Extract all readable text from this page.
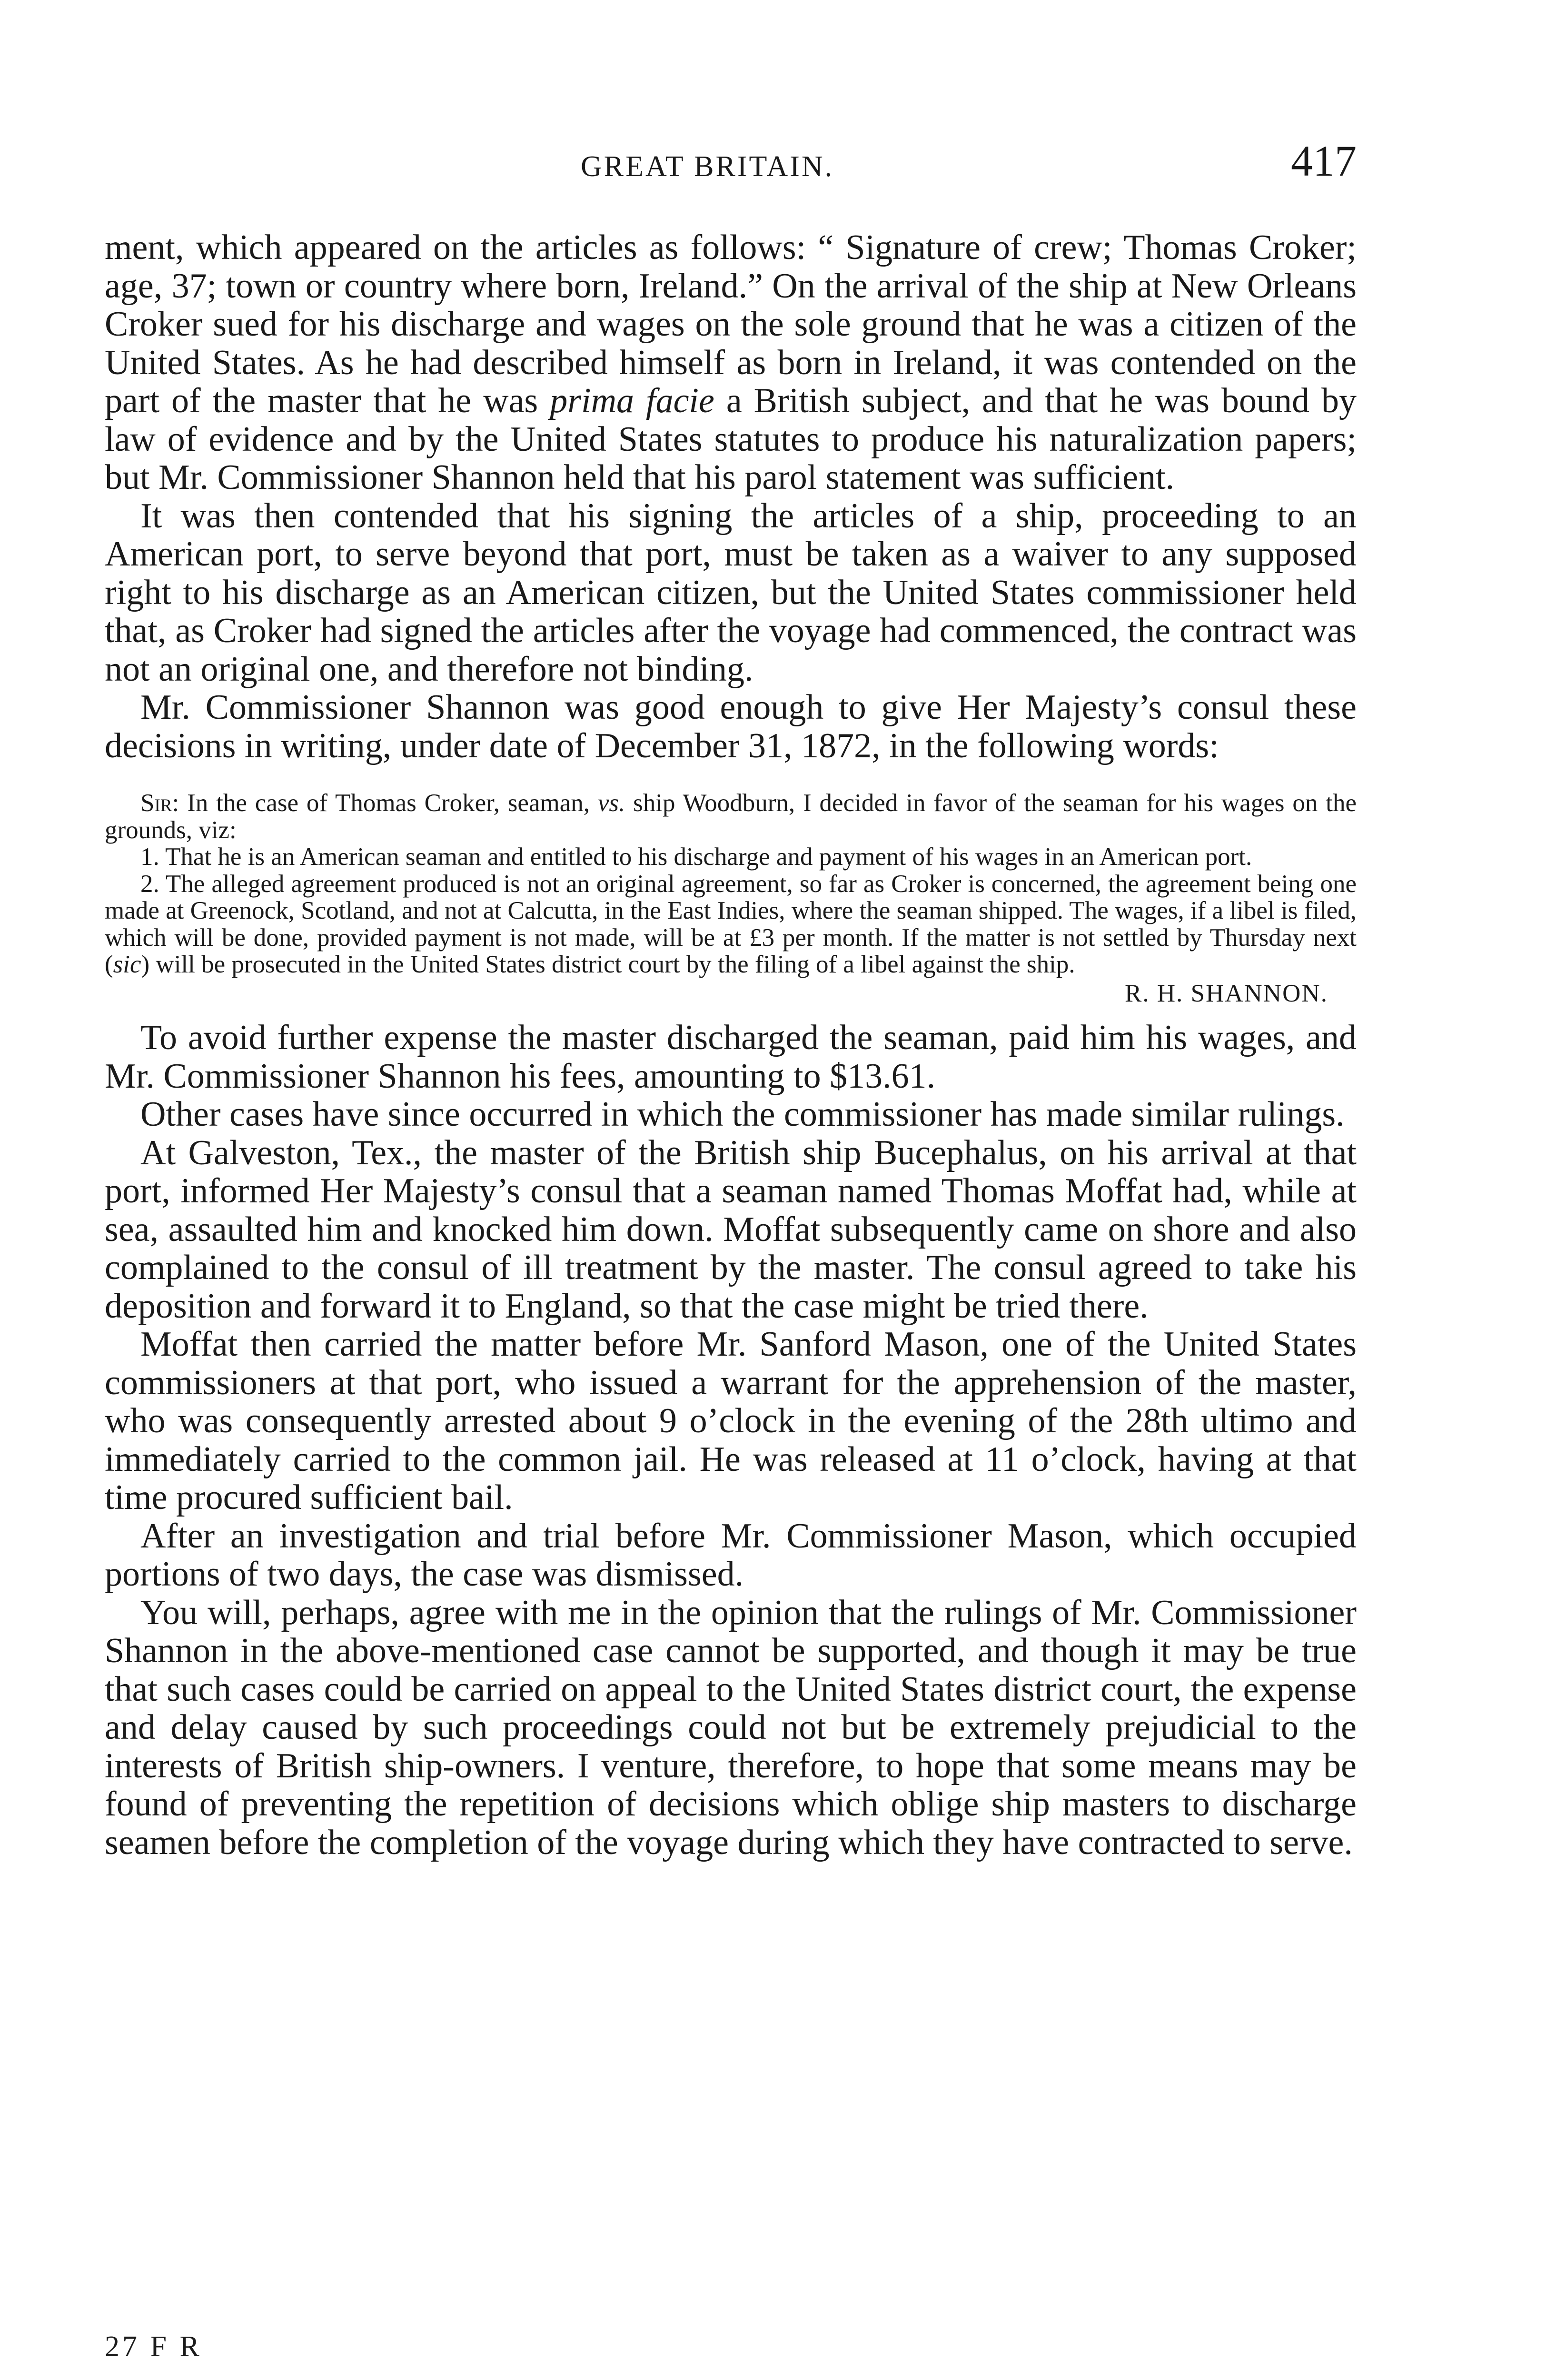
GREAT BRITAIN.	417

ment, which appeared on the articles as follows: “ Signature of crew; Thomas Croker; age, 37; town or country where born, Ireland.” On the arrival of the ship at New Orleans Croker sued for his discharge and wages on the sole ground that he was a citizen of the United States. As he had described himself as born in Ireland, it was contended on the part of the master that he was prima facie a British subject, and that he was bound by law of evidence and by the United States statutes to produce his naturalization papers; but Mr. Commissioner Shannon held that his parol statement was sufficient.

It was then contended that his signing the articles of a ship, proceeding to an American port, to serve beyond that port, must be taken as a waiver to any supposed right to his discharge as an American citizen, but the United States commissioner held that, as Croker had signed the articles after the voyage had commenced, the contract was not an original one, and therefore not binding.

Mr. Commissioner Shannon was good enough to give Her Majesty’s consul these decisions in writing, under date of December 31, 1872, in the following words:

Sir: In the case of Thomas Croker, seaman, vs. ship Woodburn, I decided in favor of the seaman for his wages on the grounds, viz:

1. That he is an American seaman and entitled to his discharge and payment of his wages in an American port.

2. The alleged agreement produced is not an original agreement, so far as Croker is concerned, the agreement being one made at Greenock, Scotland, and not at Calcutta, in the East Indies, where the seaman shipped. The wages, if a libel is filed, which will be done, provided payment is not made, will be at £3 per month. If the matter is not settled by Thursday next (sic) will be prosecuted in the United States district court by the filing of a libel against the ship.

R. H. SHANNON.

To avoid further expense the master discharged the seaman, paid him his wages, and Mr. Commissioner Shannon his fees, amounting to $13.61.

Other cases have since occurred in which the commissioner has made similar rulings.

At Galveston, Tex., the master of the British ship Bucephalus, on his arrival at that port, informed Her Majesty’s consul that a seaman named Thomas Moffat had, while at sea, assaulted him and knocked him down. Moffat subsequently came on shore and also complained to the consul of ill treatment by the master. The consul agreed to take his deposition and forward it to England, so that the case might be tried there.

Moffat then carried the matter before Mr. Sanford Mason, one of the United States commissioners at that port, who issued a warrant for the apprehension of the master, who was consequently arrested about 9 o’clock in the evening of the 28th ultimo and immediately carried to the common jail. He was released at 11 o’clock, having at that time procured sufficient bail.

After an investigation and trial before Mr. Commissioner Mason, which occupied portions of two days, the case was dismissed.

You will, perhaps, agree with me in the opinion that the rulings of Mr. Commissioner Shannon in the above-mentioned case cannot be supported, and though it may be true that such cases could be carried on appeal to the United States district court, the expense and delay caused by such proceedings could not but be extremely prejudicial to the interests of British ship-owners. I venture, therefore, to hope that some means may be found of preventing the repetition of decisions which oblige ship masters to discharge seamen before the completion of the voyage during which they have contracted to serve.

27 F R
